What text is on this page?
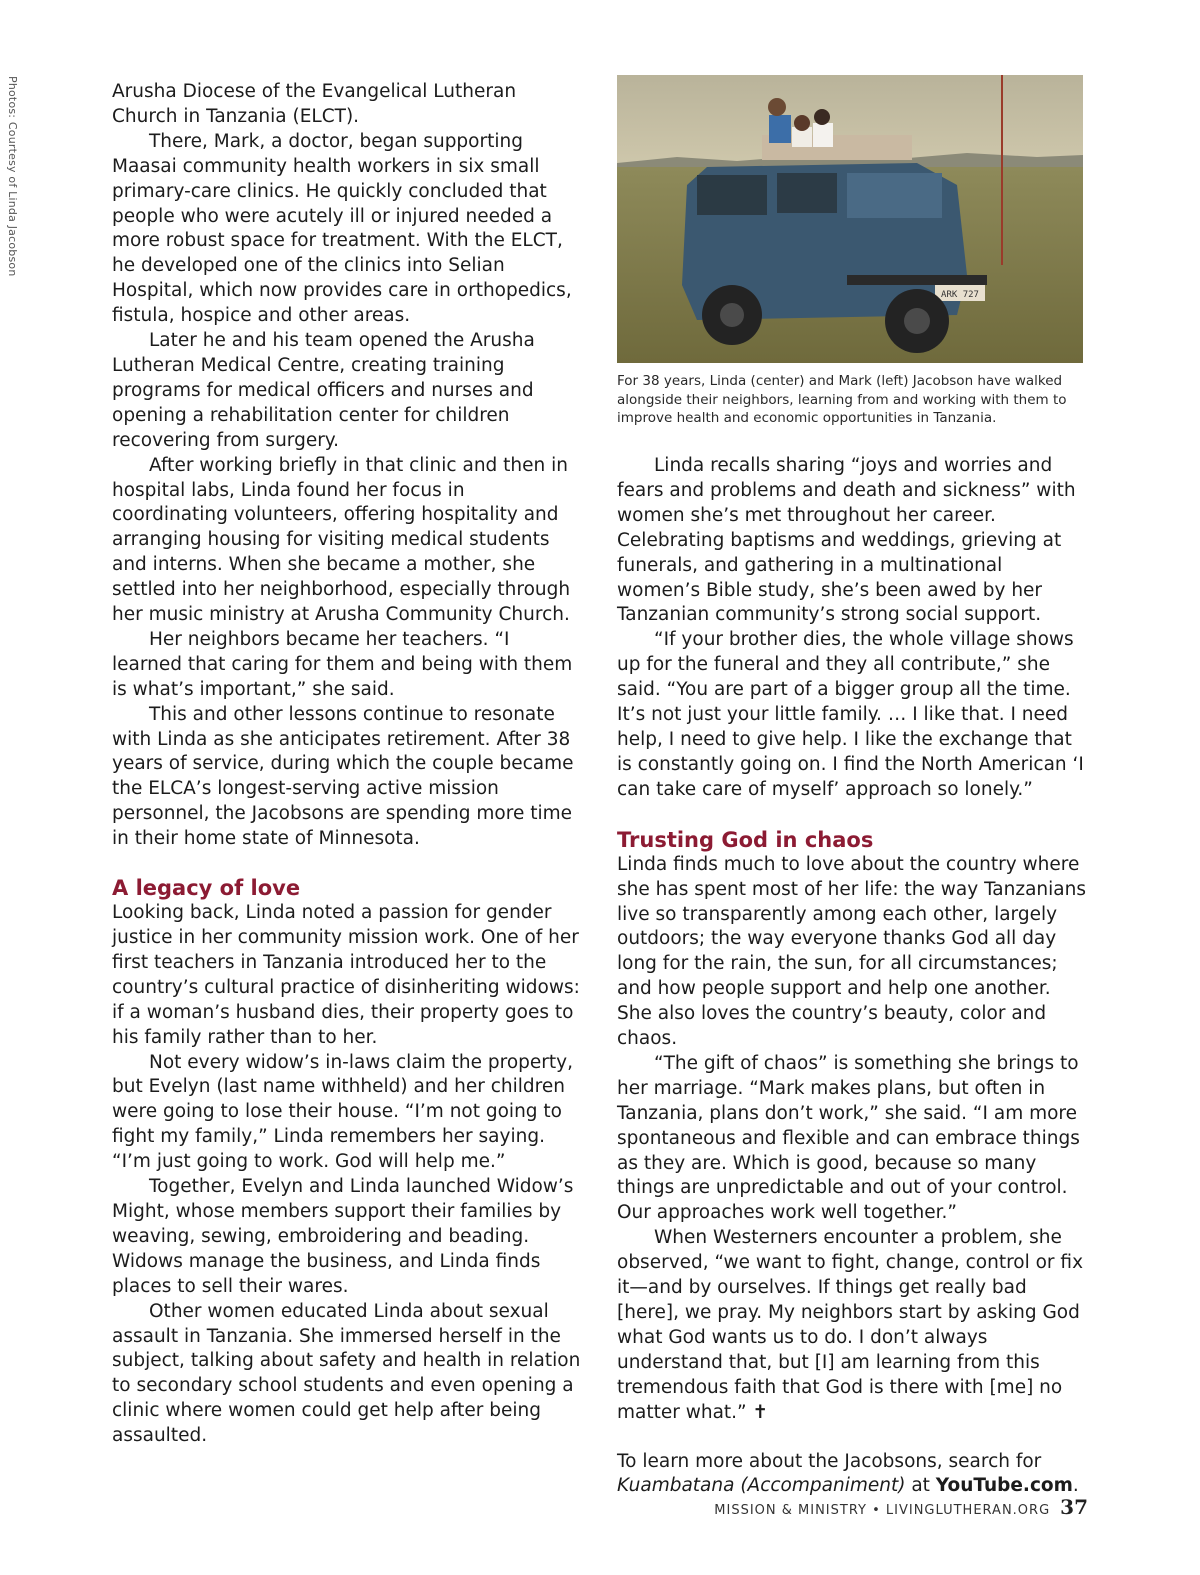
Photos: Courtesy of Linda Jacobson	Arusha Diocese of the Evangelical Lutheran Church in Tanzania (ELCT).

There, Mark, a doctor, began supporting Maasai community health workers in six small primary-care clinics. He quickly concluded that people who were acutely ill or injured needed a more robust space for treatment. With the ELCT, he developed one of the clinics into Selian Hospital, which now provides care in orthopedics, fistula, hospice and other areas.

Later he and his team opened the Arusha Lutheran Medical Centre, creating training programs for medical officers and nurses and opening a rehabilitation center for children recovering from surgery.

After working briefly in that clinic and then in hospital labs, Linda found her focus in coordinating volunteers, offering hospitality and arranging housing for visiting medical students and interns. When she became a mother, she settled into her neighborhood, especially through her music ministry at Arusha Community Church.

Her neighbors became her teachers. “I learned that caring for them and being with them is what’s important,” she said.

This and other lessons continue to resonate with Linda as she anticipates retirement. After 38 years of service, during which the couple became the ELCA’s longest-serving active mission personnel, the Jacobsons are spending more time in their home state of Minnesota.

A legacy of love

Looking back, Linda noted a passion for gender justice in her community mission work. One of her first teachers in Tanzania introduced her to the country’s cultural practice of disinheriting widows: if a woman’s husband dies, their property goes to his family rather than to her.

Not every widow’s in-laws claim the property, but Evelyn (last name withheld) and her children were going to lose their house. “I’m not going to fight my family,” Linda remembers her saying. “I’m just going to work. God will help me.”

Together, Evelyn and Linda launched Widow’s Might, whose members support their families by weaving, sewing, embroidering and beading. Widows manage the business, and Linda finds places to sell their wares.

Other women educated Linda about sexual assault in Tanzania. She immersed herself in the subject, talking about safety and health in relation to secondary school students and even opening a clinic where women could get help after being assaulted.

ARK 727
For 38 years, Linda (center) and Mark (left) Jacobson have walked alongside their neighbors, learning from and working with them to improve health and economic opportunities in Tanzania.

Linda recalls sharing “joys and worries and fears and problems and death and sickness” with women she’s met throughout her career. Celebrating baptisms and weddings, grieving at funerals, and gathering in a multinational women’s Bible study, she’s been awed by her Tanzanian community’s strong social support.

“If your brother dies, the whole village shows up for the funeral and they all contribute,” she said. “You are part of a bigger group all the time. It’s not just your little family. … I like that. I need help, I need to give help. I like the exchange that is constantly going on. I find the North American ‘I can take care of myself’ approach so lonely.”

Trusting God in chaos

Linda finds much to love about the country where she has spent most of her life: the way Tanzanians live so transparently among each other, largely outdoors; the way everyone thanks God all day long for the rain, the sun, for all circumstances; and how people support and help one another. She also loves the country’s beauty, color and chaos.

“The gift of chaos” is something she brings to her marriage. “Mark makes plans, but often in Tanzania, plans don’t work,” she said. “I am more spontaneous and flexible and can embrace things as they are. Which is good, because so many things are unpredictable and out of your control. Our approaches work well together.”

When Westerners encounter a problem, she observed, “we want to fight, change, control or fix it—and by ourselves. If things get really bad [here], we pray. My neighbors start by asking God what God wants us to do. I don’t always understand that, but [I] am learning from this tremendous faith that God is there with [me] no matter what.” ✝

To learn more about the Jacobsons, search for Kuambatana (Accompaniment) at YouTube.com.

MISSION & MINISTRY • LIVINGLUTHERAN.ORG 37
